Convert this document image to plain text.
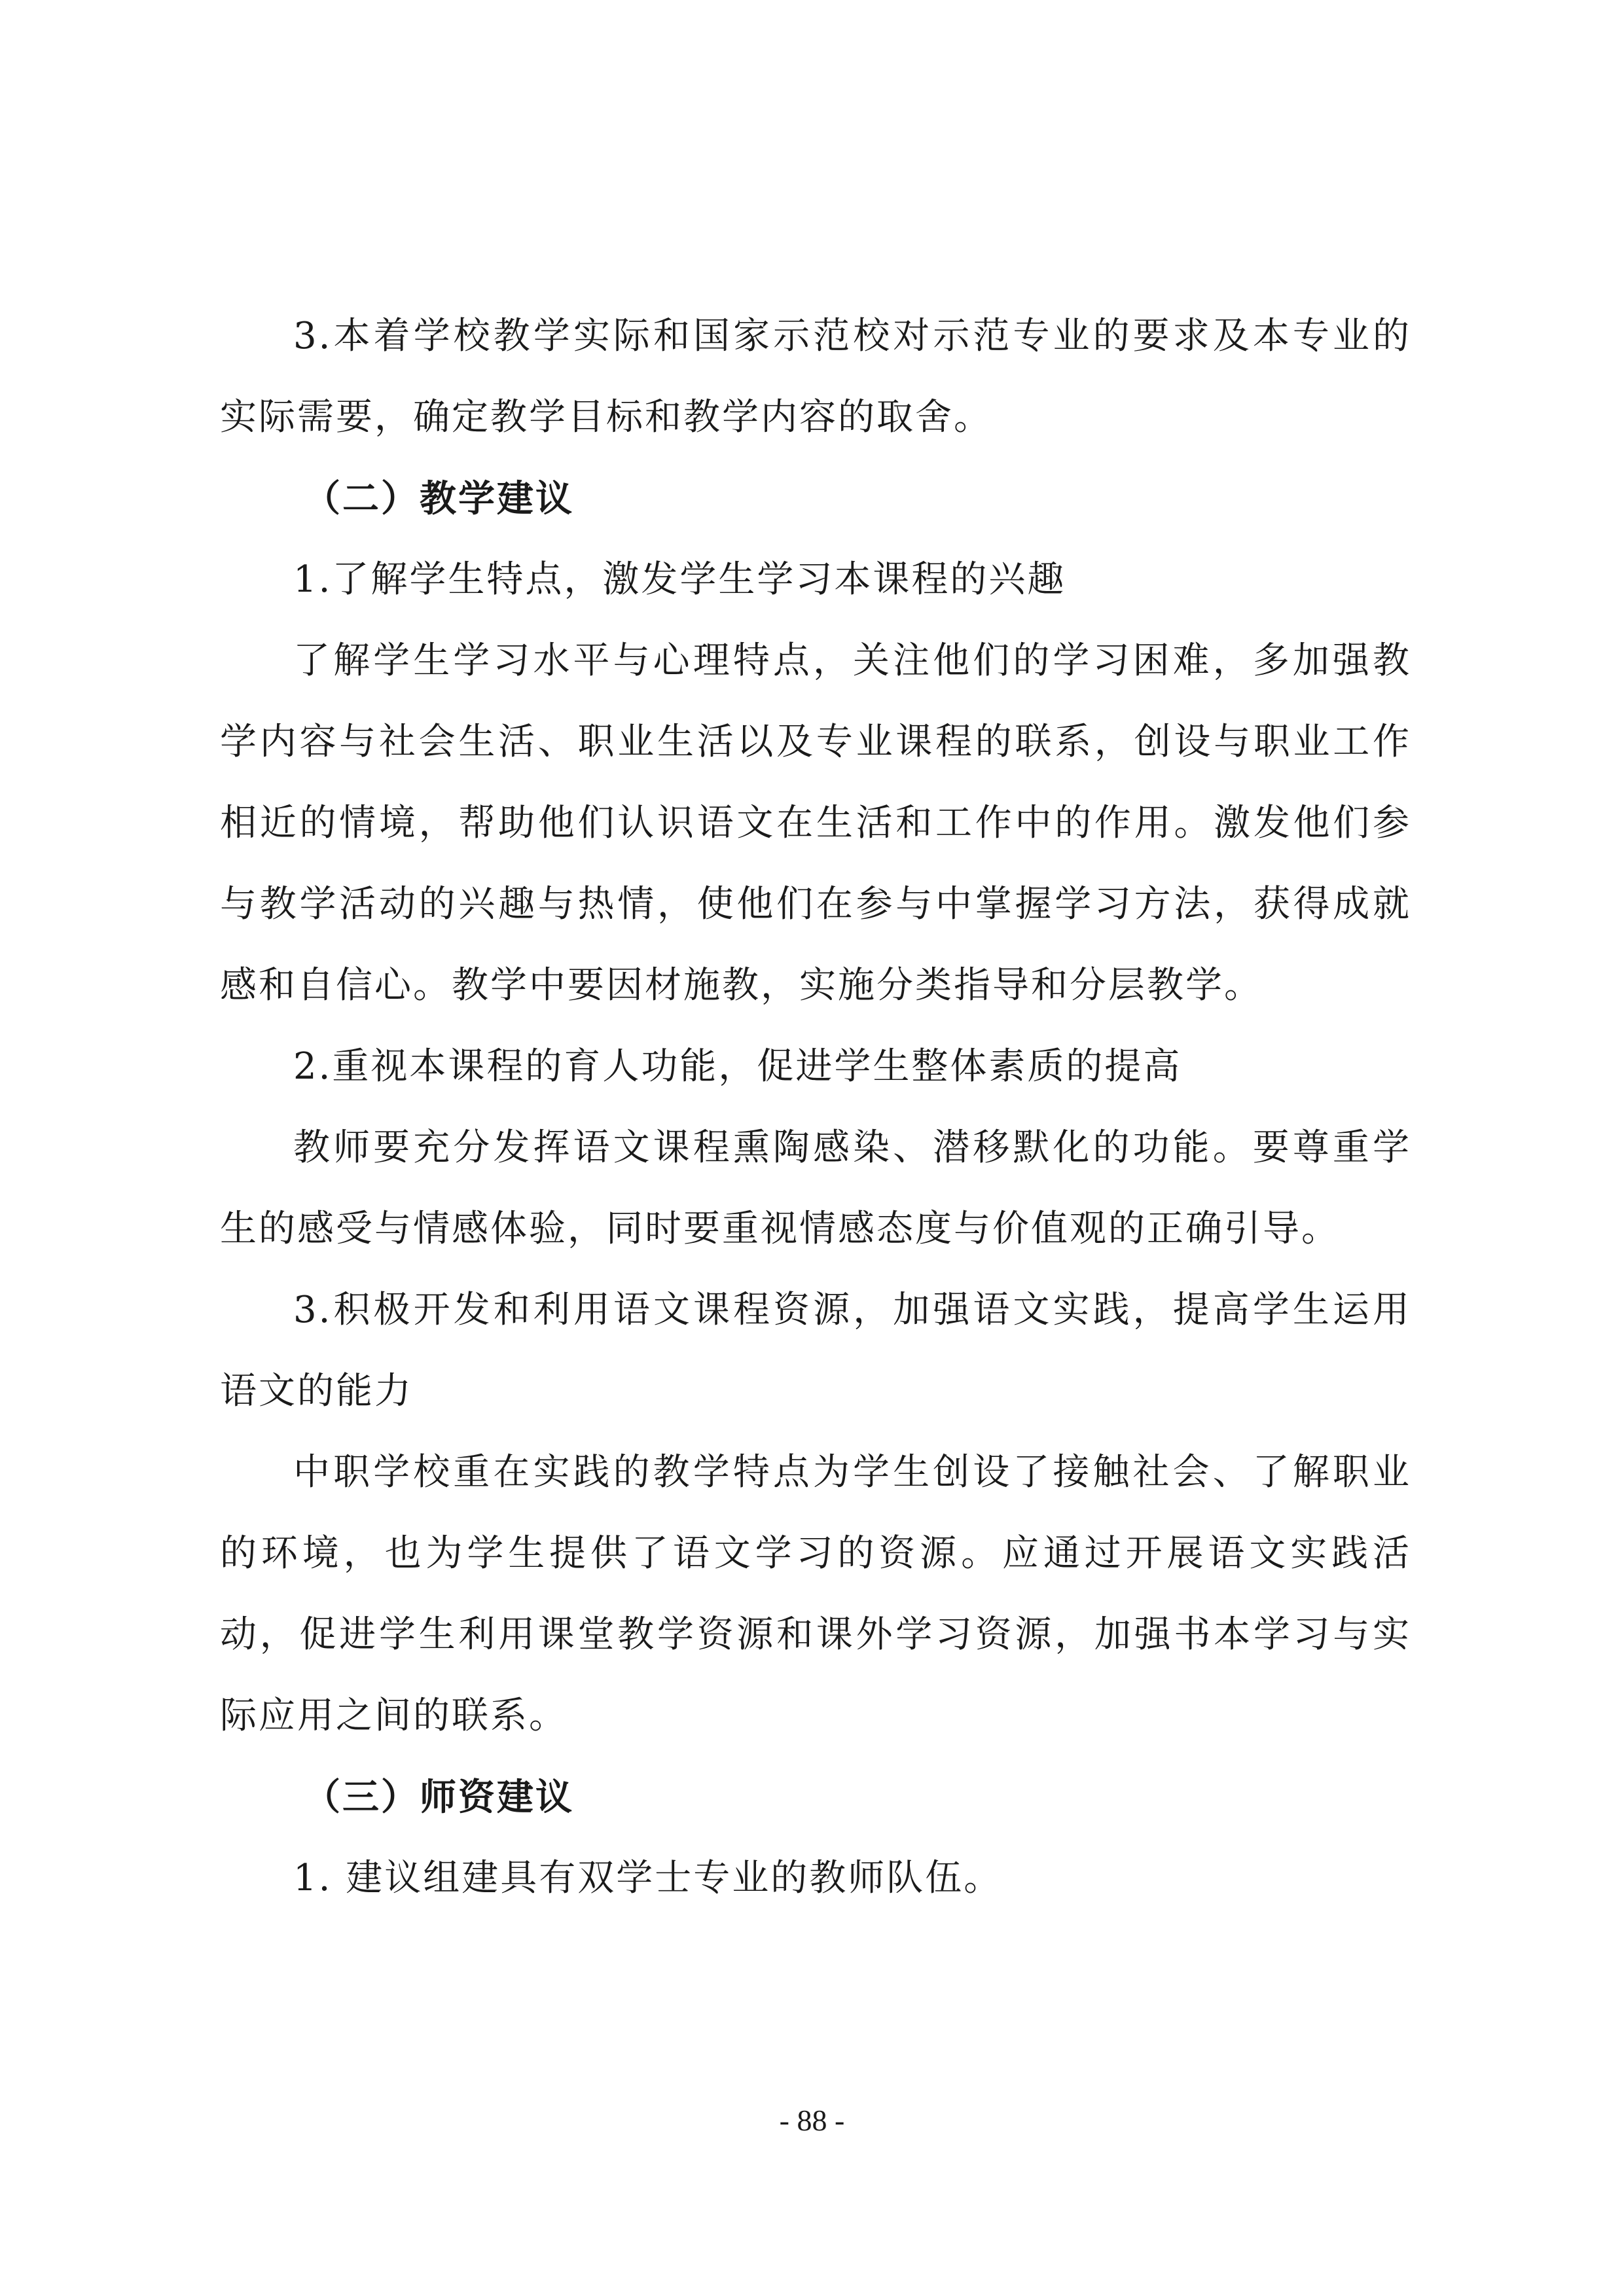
3.本着学校教学实际和国家示范校对示范专业的要求及本专业的实际需要，确定教学目标和教学内容的取舍。

（二）教学建议

1.了解学生特点，激发学生学习本课程的兴趣

了解学生学习水平与心理特点，关注他们的学习困难，多加强教学内容与社会生活、职业生活以及专业课程的联系，创设与职业工作相近的情境，帮助他们认识语文在生活和工作中的作用。激发他们参与教学活动的兴趣与热情，使他们在参与中掌握学习方法，获得成就感和自信心。教学中要因材施教，实施分类指导和分层教学。

2.重视本课程的育人功能，促进学生整体素质的提高

教师要充分发挥语文课程熏陶感染、潜移默化的功能。要尊重学生的感受与情感体验，同时要重视情感态度与价值观的正确引导。

3.积极开发和利用语文课程资源，加强语文实践，提高学生运用语文的能力

中职学校重在实践的教学特点为学生创设了接触社会、了解职业的环境，也为学生提供了语文学习的资源。应通过开展语文实践活动，促进学生利用课堂教学资源和课外学习资源，加强书本学习与实际应用之间的联系。

（三）师资建议

1. 建议组建具有双学士专业的教师队伍。

- 88 -
